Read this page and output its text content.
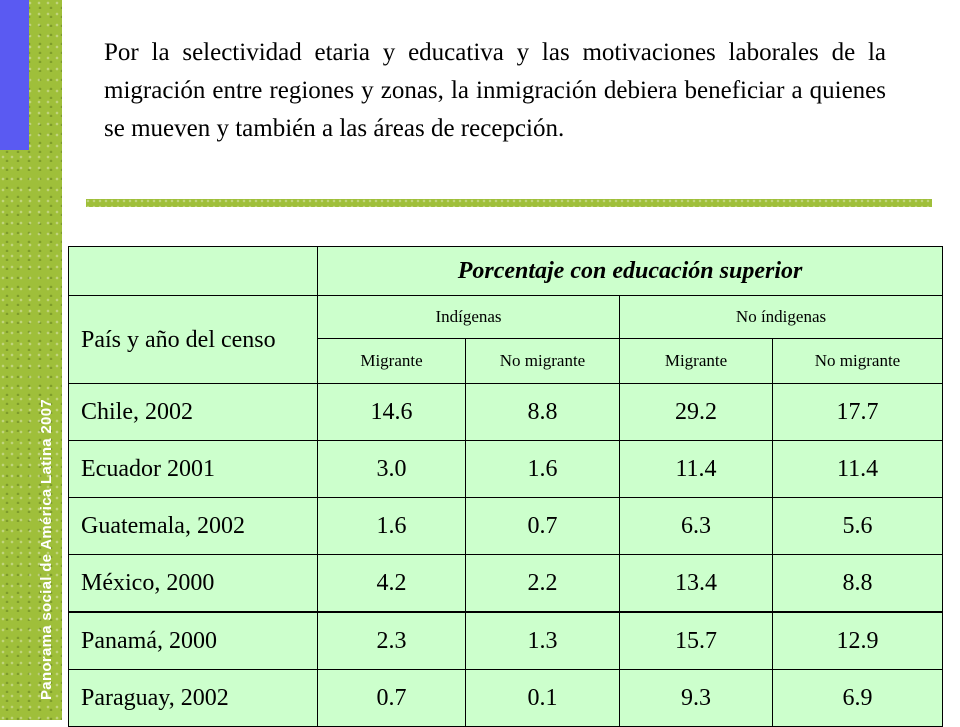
Panorama social de América Latina 2007

Por la selectividad etaria y educativa y las motivaciones laborales de la migración entre regiones y zonas, la inmigración debiera beneficiar a quienes se mueven y también a las áreas de recepción.

	Porcentaje con educación superior			
País y año del censo	Indígenas		No índigenas	
	Migrante	No migrante	Migrante	No migrante
Chile, 2002	14.6	8.8	29.2	17.7
Ecuador 2001	3.0	1.6	11.4	11.4
Guatemala, 2002	1.6	0.7	6.3	5.6
México, 2000	4.2	2.2	13.4	8.8
Panamá, 2000	2.3	1.3	15.7	12.9
Paraguay, 2002	0.7	0.1	9.3	6.9
